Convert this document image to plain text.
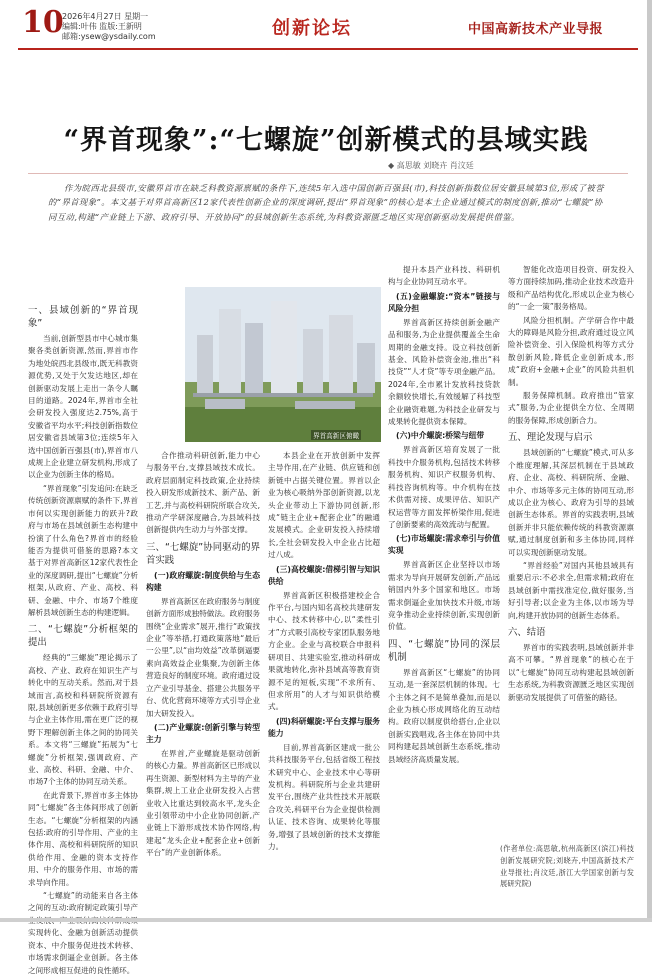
10
2026年4月27日 星期一
编辑:叶伟 监版:王新明
邮箱:ysew@ysdaily.com	创新论坛	中国高新技术产业导报
“界首现象”:“七螺旋”创新模式的县域实践
◆ 高思敏 刘晓卉 肖汶廷

作为皖西北县级市,安徽界首市在缺乏科教资源禀赋的条件下,连续5年入选中国创新百强县(市),科技创新指数位居安徽县域第3位,形成了被誉的“界首现象”。本文基于对界首高新区12家代表性创新企业的深度调研,提出“界首现象”的核心是本土企业通过模式的制度创新,推动“七螺旋”协同互动,构建“产业链上下游、政府引导、开放协同”的县域创新生态系统,为科教资源匮乏地区实现创新驱动发展提供借鉴。

一、县域创新的“界首现象”

当前,创新型县市中心城市集聚各类创新资源,然而,界首市作为地处皖西北县级市,既无科教资源优势,又处于欠发达地区,却在创新驱动发展上走出一条令人瞩目的道路。2024年,界首市全社会研发投入强度达2.75%,高于安徽省平均水平;科技创新指数位居安徽省县域第3位;连续5年入选中国创新百强县(市),界首市八成规上企业建立研发机构,形成了以企业为创新主体的格局。

“界首现象”引发追问:在缺乏传统创新资源禀赋的条件下,界首市何以实现创新能力的跃升?政府与市场在县域创新生态构建中扮演了什么角色?界首市的经验能否为提供可借鉴的思路?本文基于对界首高新区12家代表性企业的深度调研,提出“七螺旋”分析框架,从政府、产业、高校、科研、金融、中介、市场7个维度解析县域创新生态的构建逻辑。

二、“七螺旋”分析框架的提出

经典的“三螺旋”理论揭示了高校、产业、政府在知识生产与转化中的互动关系。然而,对于县域而言,高校和科研院所资源有限,县域创新更多依赖于政府引导与企业主体作用,需在更广泛的视野下理解创新主体之间的协同关系。本文将“三螺旋”拓展为“七螺旋”分析框架,强调政府、产业、高校、科研、金融、中介、市场7个主体的协同互动关系。

在此背景下,界首市多主体协同“七螺旋”各主体间形成了创新生态。“七螺旋”分析框架的内涵包括:政府的引导作用、产业的主体作用、高校和科研院所的知识供给作用、金融的资本支持作用、中介的服务作用、市场的需求导向作用。

“七螺旋”的动能来自各主体之间的互动:政府制定政策引导产 实现转化、金融为创新活动提供资本、中介服务促进技术转移、市场需求倒逼企业创新。各主体之间形成相互促进的良性循环。

界首高新区俯瞰

合作推动科研创新,能力中心与服务平台,支撑县域技术成长。政府层面制定科技政策,企业持续投入研发形成新技术、新产品、新工艺,并与高校科研院所联合攻关,推动产学研深度融合,为县域科技创新提供内生动力与外部支撑。

三、“七螺旋”协同驱动的界首实践
(一)政府螺旋:制度供给与生态构建

界首高新区在政府服务与制度创新方面形成独特做法。政府服务围绕“企业需求”展开,推行“政策找企业”等举措,打通政策落地“最后一公里”,以“亩均效益”改革倒逼要素向高效益企业集聚,为创新主体营造良好的制度环境。政府通过设立产业引导基金、搭建公共服务平台、优化营商环境等方式引导企业加大研发投入。

(二)产业螺旋:创新引擎与转型主力

在界首,产业螺旋是驱动创新的核心力量。界首高新区已形成以再生资源、新型材料为主导的产业集群,规上工业企业研发投入占营业收入比重达到较高水平,龙头企业引领带动中小企业协同创新,产业链上下游形成技术协作网络,构建起“龙头企业+配套企业+创新平台”的产业创新体系。

本县企业在开放创新中发挥主导作用,在产业链、供应链和创新链中占据关键位置。界首以企业为核心吸纳外部创新资源,以龙头企业带动上下游协同创新,形成“链主企业+配套企业”的融通发展模式。企业研发投入持续增长,全社会研发投入中企业占比超过八成。

(三)高校螺旋:借梯引智与知识供给

界首高新区积极搭建校企合作平台,与国内知名高校共建研发中心、技术转移中心,以“柔性引才”方式吸引高校专家团队服务地方企业。企业与高校联合申报科研项目、共建实验室,推动科研成果就地转化,弥补县域高等教育资源不足的短板,实现“不求所有、但求所用”的人才与知识供给模式。

(四)科研螺旋:平台支撑与服务能力

目前,界首高新区建成一批公共科技服务平台,包括省级工程技术研究中心、企业技术中心等研发机构。科研院所与企业共建研发平台,围绕产业共性技术开展联合攻关,科研平台为企业提供检测认证、技术咨询、成果转化等服务,增强了县域创新的技术支撑能力。

提升本县产业科技、科研机构与企业协同互动水平。

(五)金融螺旋:“资本”链接与风险分担

界首高新区持续创新金融产品和服务,为企业提供覆盖全生命周期的金融支持。设立科技创新基金、风险补偿资金池,推出“科技贷”“人才贷”等专项金融产品。2024年,全市累计发放科技贷款余额较快增长,有效缓解了科技型企业融资难题,为科技企业研发与成果转化提供资本保障。

(六)中介螺旋:桥梁与纽带

界首高新区培育发展了一批科技中介服务机构,包括技术转移服务机构、知识产权服务机构、科技咨询机构等。中介机构在技术供需对接、成果评估、知识产权运营等方面发挥桥梁作用,促进了创新要素的高效流动与配置。

(七)市场螺旋:需求牵引与价值实现

界首高新区企业坚持以市场需求为导向开展研发创新,产品远销国内外多个国家和地区。市场需求倒逼企业加快技术升级,市场竞争推动企业持续创新,实现创新价值。

四、“七螺旋”协同的深层机制

界首高新区“七螺旋”的协同互动,是一套深层机制的体现。七个主体之间不是简单叠加,而是以企业为核心形成网络化的互动结构。政府以制度供给搭台,企业以创新实践唱戏,各主体在协同中共同构建起县域创新生态系统,推动县域经济高质量发展。

智能化改造项目投资、研发投入等方面持续加码,推动企业技术改造升级和产品结构优化,形成以企业为核心的“一企一策”服务格局。

风险分担机制。产学研合作中最大的障碍是风险分担,政府通过设立风险补偿资金、引入保险机构等方式分散创新风险,降低企业创新成本,形成“政府+金融+企业”的风险共担机制。

服务保障机制。政府推出“管家式”服务,为企业提供全方位、全周期的服务保障,形成创新合力。

五、理论发现与启示

县域创新的“七螺旋”模式,可从多个维度理解,其深层机制在于县域政府、企业、高校、科研院所、金融、中介、市场等多元主体的协同互动,形成以企业为核心、政府为引导的县域创新生态体系。界首的实践表明,县域创新并非只能依赖传统的科教资源禀赋,通过制度创新和多主体协同,同样可以实现创新驱动发展。

“界首经验”对国内其他县域具有重要启示:不必求全,但需求精;政府在县域创新中需找准定位,做好服务,当好引导者;以企业为主体,以市场为导向,构建开放协同的创新生态体系。

六、结语

界首市的实践表明,县域创新并非高不可攀。“界首现象”的核心在于以“七螺旋”协同互动构建起县域创新生态系统,为科教资源匮乏地区实现创新驱动发展提供了可借鉴的路径。

(作者单位:高思敏,杭州高新区(滨江)科技创新发展研究院;刘晓卉,中国高新技术产业导报社;肖汶廷,浙江大学国家创新与发展研究院)
